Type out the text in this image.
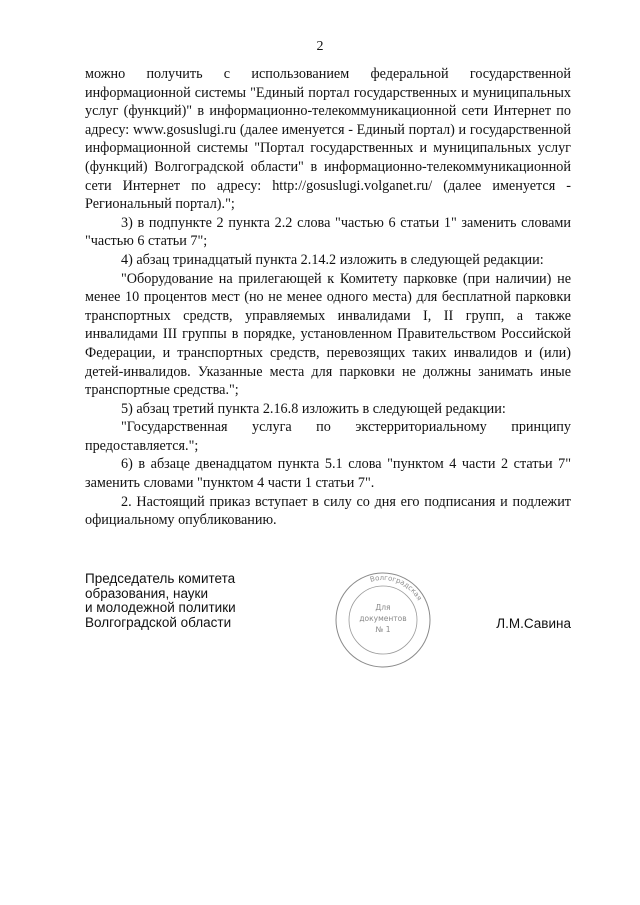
2

можно получить с использованием федеральной государственной информационной системы "Единый портал государственных и муниципальных услуг (функций)" в информационно-телекоммуникационной сети Интернет по адресу: www.gosuslugi.ru (далее именуется - Единый портал) и государственной информационной системы "Портал государственных и муниципальных услуг (функций) Волгоградской области" в информационно-телекоммуникационной сети Интернет по адресу: http://gosuslugi.volganet.ru/ (далее именуется - Региональный портал).";

3) в подпункте 2 пункта 2.2 слова "частью 6 статьи 1" заменить словами "частью 6 статьи 7";

4) абзац тринадцатый пункта 2.14.2 изложить в следующей редакции:

"Оборудование на прилегающей к Комитету парковке (при наличии) не менее 10 процентов мест (но не менее одного места) для бесплатной парковки транспортных средств, управляемых инвалидами I, II групп, а также инвалидами III группы в порядке, установленном Правительством Российской Федерации, и транспортных средств, перевозящих таких инвалидов и (или) детей-инвалидов. Указанные места для парковки не должны занимать иные транспортные средства.";

5) абзац третий пункта 2.16.8 изложить в следующей редакции:

"Государственная услуга по экстерриториальному принципу предоставляется.";

6) в абзаце двенадцатом пункта 5.1 слова "пунктом 4 части 2 статьи 7" заменить словами "пунктом 4 части 1 статьи 7".

2. Настоящий приказ вступает в силу со дня его подписания и подлежит официальному опубликованию.

Председатель комитета
образования, науки
и молодежной политики
Волгоградской области
Волгоградская
Для
документов
№ 1	Л.М.Савина
